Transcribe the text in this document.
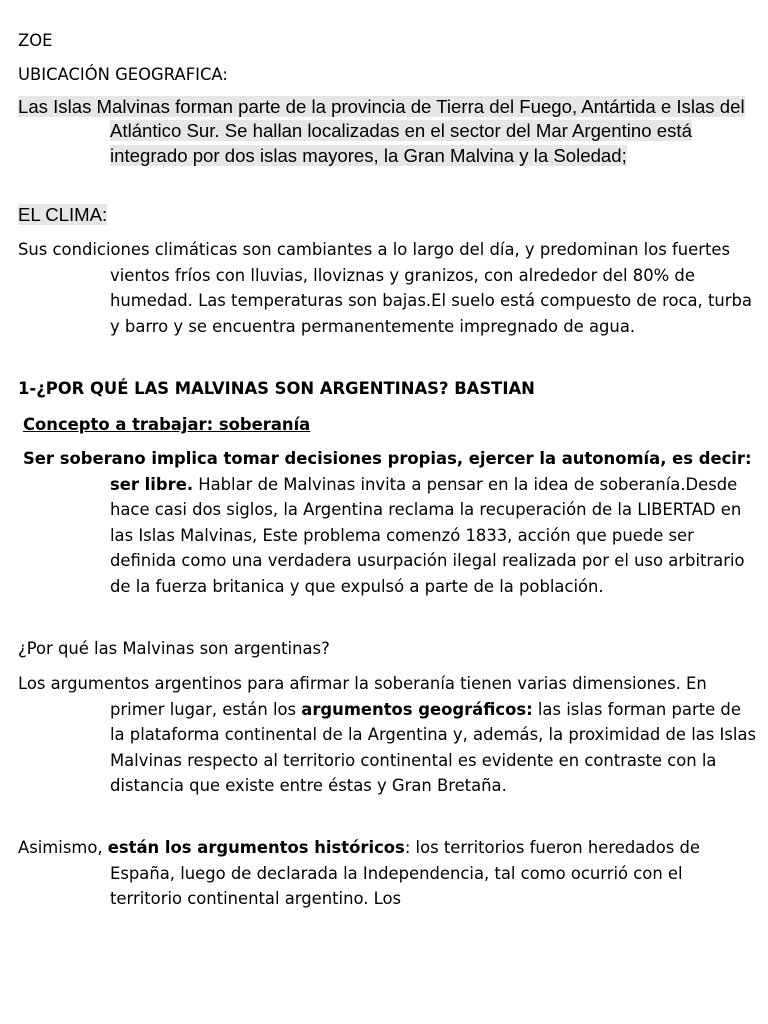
ZOE

UBICACIÓN GEOGRAFICA:

Las Islas Malvinas forman parte de la provincia de Tierra del Fuego, Antártida e Islas del Atlántico Sur. Se hallan localizadas en el sector del Mar Argentino está integrado por dos islas mayores, la Gran Malvina y la Soledad;

EL CLIMA:

Sus condiciones climáticas son cambiantes a lo largo del día, y predominan los fuertes vientos fríos con lluvias, lloviznas y granizos, con alrededor del 80% de humedad. Las temperaturas son bajas.El suelo está compuesto de roca, turba y barro y se encuentra permanentemente impregnado de agua.

1-¿POR QUÉ LAS MALVINAS SON ARGENTINAS? BASTIAN

Concepto a trabajar: soberanía

Ser soberano implica tomar decisiones propias, ejercer la autonomía, es decir: ser libre. Hablar de Malvinas invita a pensar en la idea de soberanía.Desde hace casi dos siglos, la Argentina reclama la recuperación de la LIBERTAD en las Islas Malvinas, Este problema comenzó 1833, acción que puede ser definida como una verdadera usurpación ilegal realizada por el uso arbitrario de la fuerza britanica y que expulsó a parte de la población.

¿Por qué las Malvinas son argentinas?

Los argumentos argentinos para afirmar la soberanía tienen varias dimensiones. En primer lugar, están los argumentos geográficos: las islas forman parte de la plataforma continental de la Argentina y, además, la proximidad de las Islas Malvinas respecto al territorio continental es evidente en contraste con la distancia que existe entre éstas y Gran Bretaña.

Asimismo, están los argumentos históricos: los territorios fueron heredados de España, luego de declarada la Independencia, tal como ocurrió con el territorio continental argentino. Los
